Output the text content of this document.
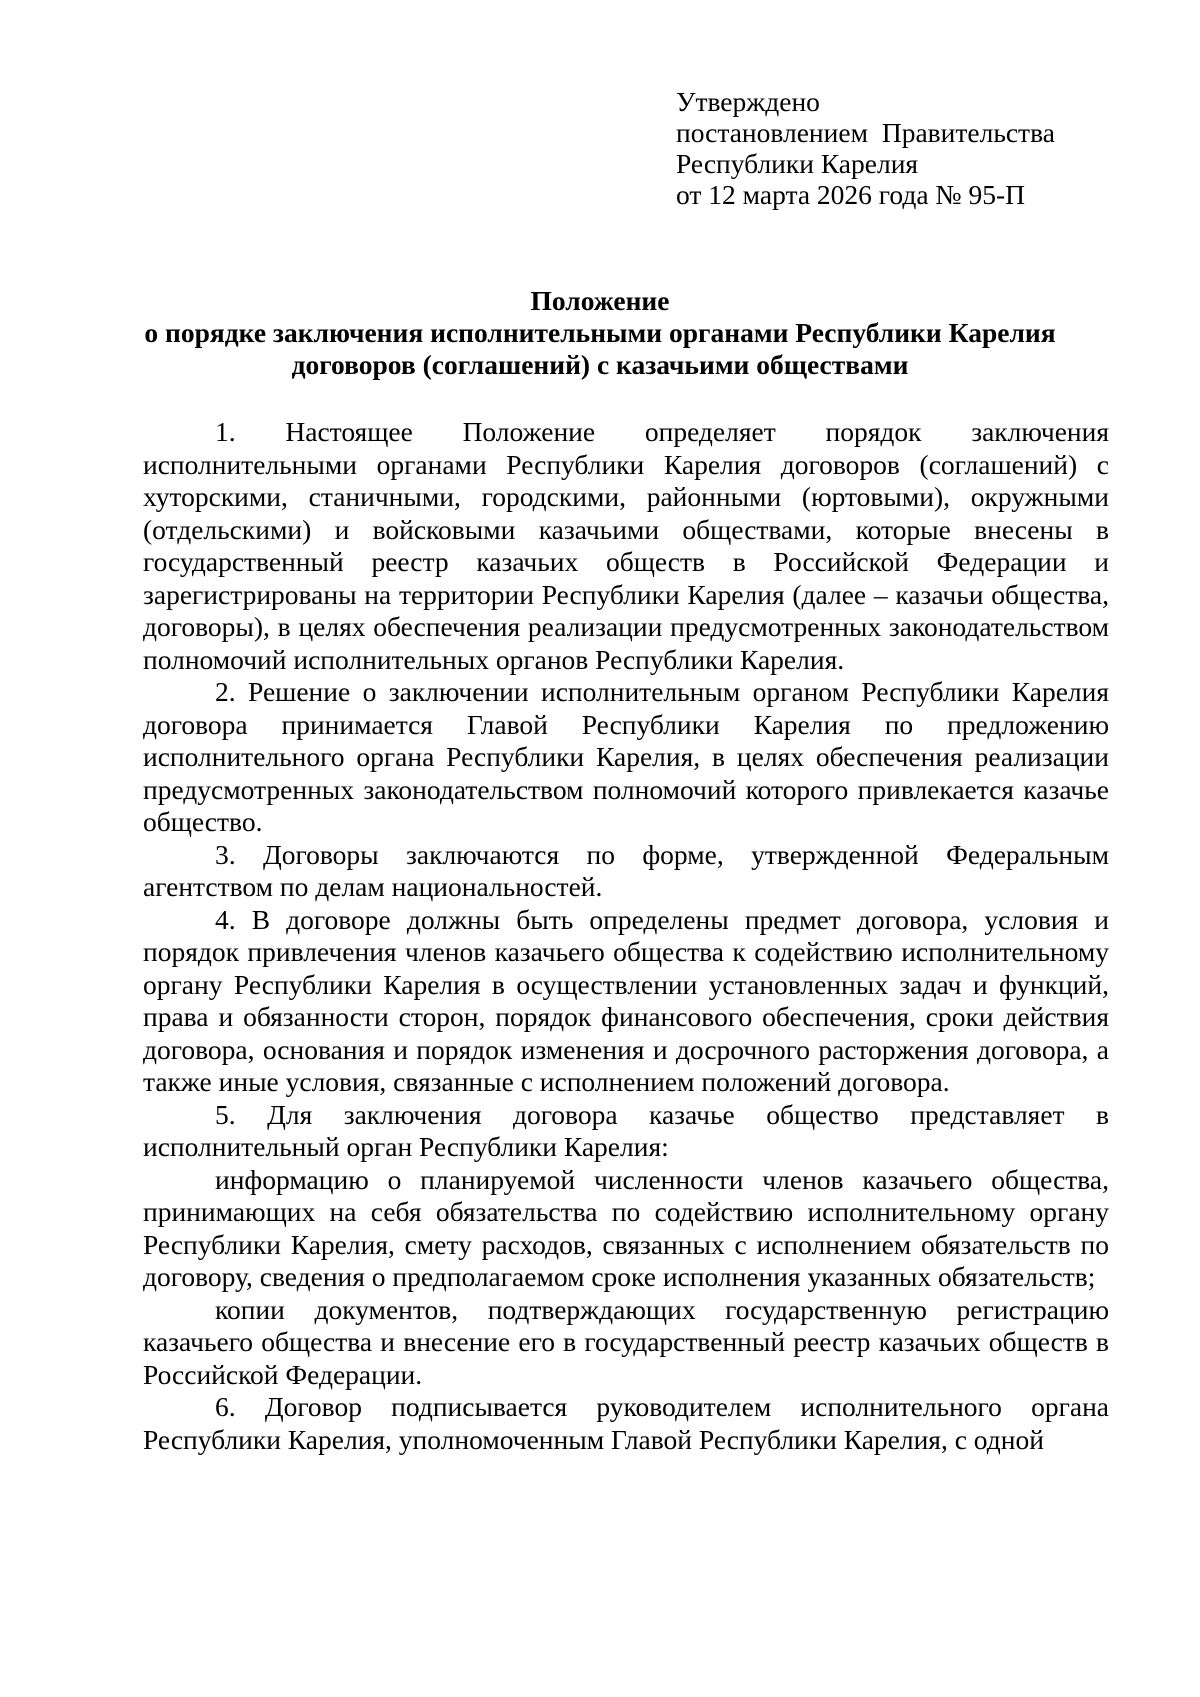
Утверждено
постановлением Правительства
Республики Карелия
от 12 марта 2026 года № 95-П
Положение
о порядке заключения исполнительными органами Республики Карелия
договоров (соглашений) с казачьими обществами

1. Настоящее Положение определяет порядок заключения исполнительными органами Республики Карелия договоров (соглашений) с хуторскими, станичными, городскими, районными (юртовыми), окружными (отдельскими) и войсковыми казачьими обществами, которые внесены в государственный реестр казачьих обществ в Российской Федерации и зарегистрированы на территории Республики Карелия (далее – казачьи общества, договоры), в целях обеспечения реализации предусмотренных законодательством полномочий исполнительных органов Республики Карелия.

2. Решение о заключении исполнительным органом Республики Карелия договора принимается Главой Республики Карелия по предложению исполнительного органа Республики Карелия, в целях обеспечения реализации предусмотренных законодательством полномочий которого привлекается казачье общество.

3. Договоры заключаются по форме, утвержденной Федеральным агентством по делам национальностей.

4. В договоре должны быть определены предмет договора, условия и порядок привлечения членов казачьего общества к содействию исполнительному органу Республики Карелия в осуществлении установленных задач и функций, права и обязанности сторон, порядок финансового обеспечения, сроки действия договора, основания и порядок изменения и досрочного расторжения договора, а также иные условия, связанные с исполнением положений договора.

5. Для заключения договора казачье общество представляет в исполнительный орган Республики Карелия:

информацию о планируемой численности членов казачьего общества, принимающих на себя обязательства по содействию исполнительному органу Республики Карелия, смету расходов, связанных с исполнением обязательств по договору, сведения о предполагаемом сроке исполнения указанных обязательств;

копии документов, подтверждающих государственную регистрацию казачьего общества и внесение его в государственный реестр казачьих обществ в Российской Федерации.

6. Договор подписывается руководителем исполнительного органа Республики Карелия, уполномоченным Главой Республики Карелия, с одной
